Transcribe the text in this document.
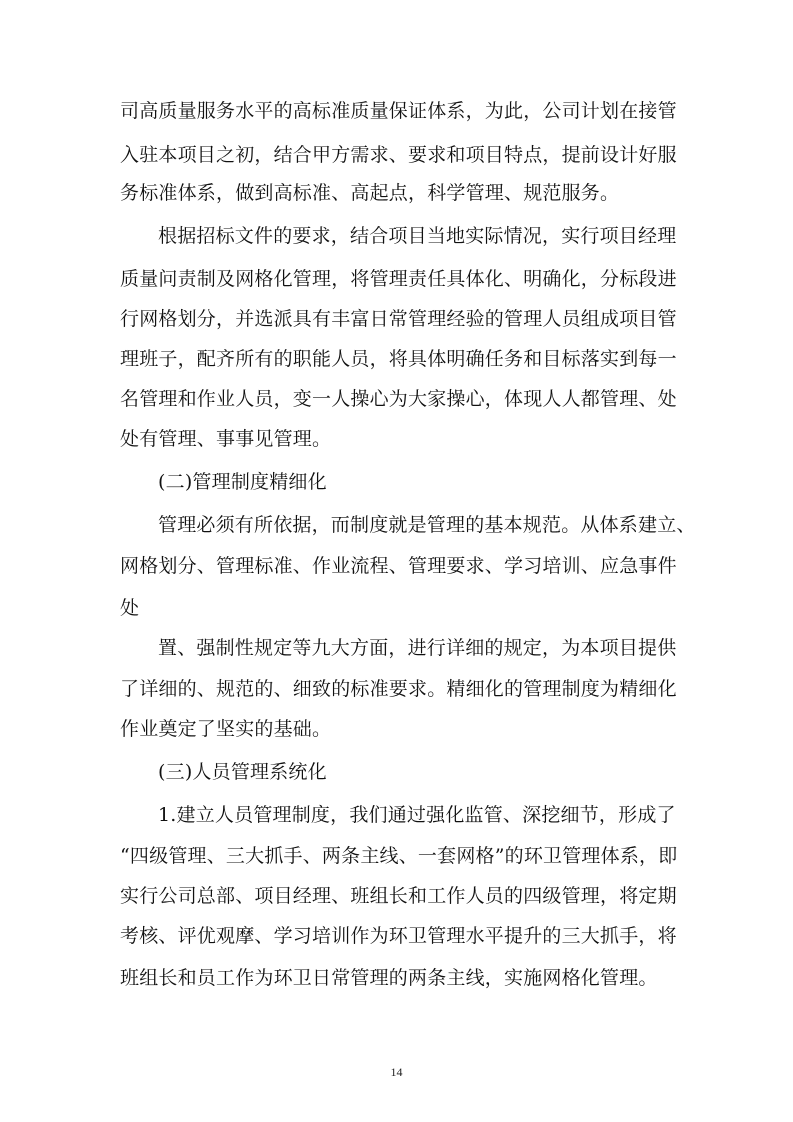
司高质量服务水平的高标准质量保证体系，为此，公司计划在接管
入驻本项目之初，结合甲方需求、要求和项目特点，提前设计好服
务标准体系，做到高标准、高起点，科学管理、规范服务。
根据招标文件的要求，结合项目当地实际情况，实行项目经理
质量问责制及网格化管理，将管理责任具体化、明确化，分标段进
行网格划分，并选派具有丰富日常管理经验的管理人员组成项目管
理班子，配齐所有的职能人员，将具体明确任务和目标落实到每一
名管理和作业人员，变一人操心为大家操心，体现人人都管理、处
处有管理、事事见管理。
(二)管理制度精细化
管理必须有所依据，而制度就是管理的基本规范。从体系建立、
网格划分、管理标准、作业流程、管理要求、学习培训、应急事件
处
置、强制性规定等九大方面，进行详细的规定，为本项目提供
了详细的、规范的、细致的标准要求。精细化的管理制度为精细化
作业奠定了坚实的基础。
(三)人员管理系统化
1.建立人员管理制度，我们通过强化监管、深挖细节，形成了
“四级管理、三大抓手、两条主线、一套网格”的环卫管理体系，即
实行公司总部、项目经理、班组长和工作人员的四级管理，将定期
考核、评优观摩、学习培训作为环卫管理水平提升的三大抓手，将
班组长和员工作为环卫日常管理的两条主线，实施网格化管理。
14
